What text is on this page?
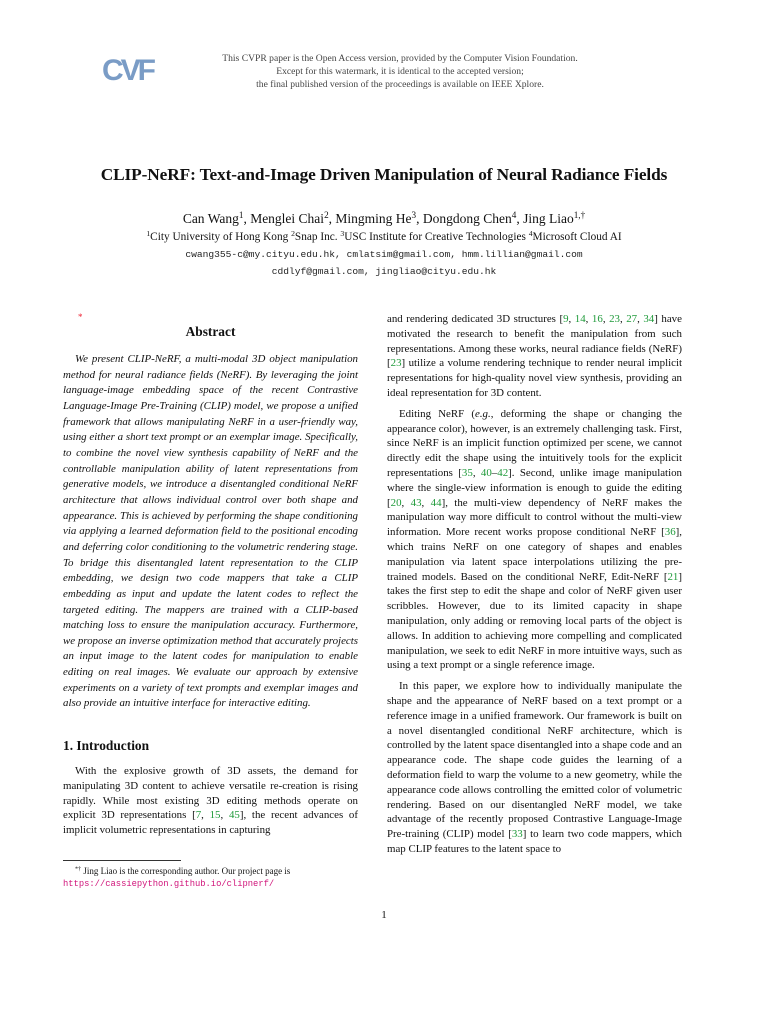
CVF	This CVPR paper is the Open Access version, provided by the Computer Vision Foundation.
Except for this watermark, it is identical to the accepted version;
the final published version of the proceedings is available on IEEE Xplore.
CLIP-NeRF: Text-and-Image Driven Manipulation of Neural Radiance Fields
Can Wang$^1$, Menglei Chai$^2$, Mingming He$^3$, Dongdong Chen$^4$, Jing Liao$^{1,\dagger}$
$^1$City University of Hong Kong $^2$Snap Inc. $^3$USC Institute for Creative Technologies $^4$Microsoft Cloud AI
cwang355-c@my.cityu.edu.hk, cmlatsim@gmail.com, hmm.lillian@gmail.com
cddlyf@gmail.com, jingliao@cityu.edu.hk
*
Abstract

We present CLIP-NeRF, a multi-modal 3D object manipulation method for neural radiance fields (NeRF). By leveraging the joint language-image embedding space of the recent Contrastive Language-Image Pre-Training (CLIP) model, we propose a unified framework that allows manipulating NeRF in a user-friendly way, using either a short text prompt or an exemplar image. Specifically, to combine the novel view synthesis capability of NeRF and the controllable manipulation ability of latent representations from generative models, we introduce a disentangled conditional NeRF architecture that allows individual control over both shape and appearance. This is achieved by performing the shape conditioning via applying a learned deformation field to the positional encoding and deferring color conditioning to the volumetric rendering stage. To bridge this disentangled latent representation to the CLIP embedding, we design two code mappers that take a CLIP embedding as input and update the latent codes to reflect the targeted editing. The mappers are trained with a CLIP-based matching loss to ensure the manipulation accuracy. Furthermore, we propose an inverse optimization method that accurately projects an input image to the latent codes for manipulation to enable editing on real images. We evaluate our approach by extensive experiments on a variety of text prompts and exemplar images and also provide an intuitive interface for interactive editing.

1. Introduction

With the explosive growth of 3D assets, the demand for manipulating 3D content to achieve versatile re-creation is rising rapidly. While most existing 3D editing methods operate on explicit 3D representations [7, 15, 45], the recent advances of implicit volumetric representations in capturing

and rendering dedicated 3D structures [9, 14, 16, 23, 27, 34] have motivated the research to benefit the manipulation from such representations. Among these works, neural radiance fields (NeRF) [23] utilize a volume rendering technique to render neural implicit representations for high-quality novel view synthesis, providing an ideal representation for 3D content.

Editing NeRF (e.g., deforming the shape or changing the appearance color), however, is an extremely challenging task. First, since NeRF is an implicit function optimized per scene, we cannot directly edit the shape using the intuitively tools for the explicit representations [35, 40–42]. Second, unlike image manipulation where the single-view information is enough to guide the editing [20, 43, 44], the multi-view dependency of NeRF makes the manipulation way more difficult to control without the multi-view information. More recent works propose conditional NeRF [36], which trains NeRF on one category of shapes and enables manipulation via latent space interpolations utilizing the pre-trained models. Based on the conditional NeRF, Edit-NeRF [21] takes the first step to edit the shape and color of NeRF given user scribbles. However, due to its limited capacity in shape manipulation, only adding or removing local parts of the object is allows. In addition to achieving more compelling and complicated manipulation, we seek to edit NeRF in more intuitive ways, such as using a text prompt or a single reference image.

In this paper, we explore how to individually manipulate the shape and the appearance of NeRF based on a text prompt or a reference image in a unified framework. Our framework is built on a novel disentangled conditional NeRF architecture, which is controlled by the latent space disentangled into a shape code and an appearance code. The shape code guides the learning of a deformation field to warp the volume to a new geometry, while the appearance code allows controlling the emitted color of volumetric rendering. Based on our disentangled NeRF model, we take advantage of the recently proposed Contrastive Language-Image Pre-training (CLIP) model [33] to learn two code mappers, which map CLIP features to the latent space to

*† Jing Liao is the corresponding author. Our project page is https://cassiepython.github.io/clipnerf/
1
